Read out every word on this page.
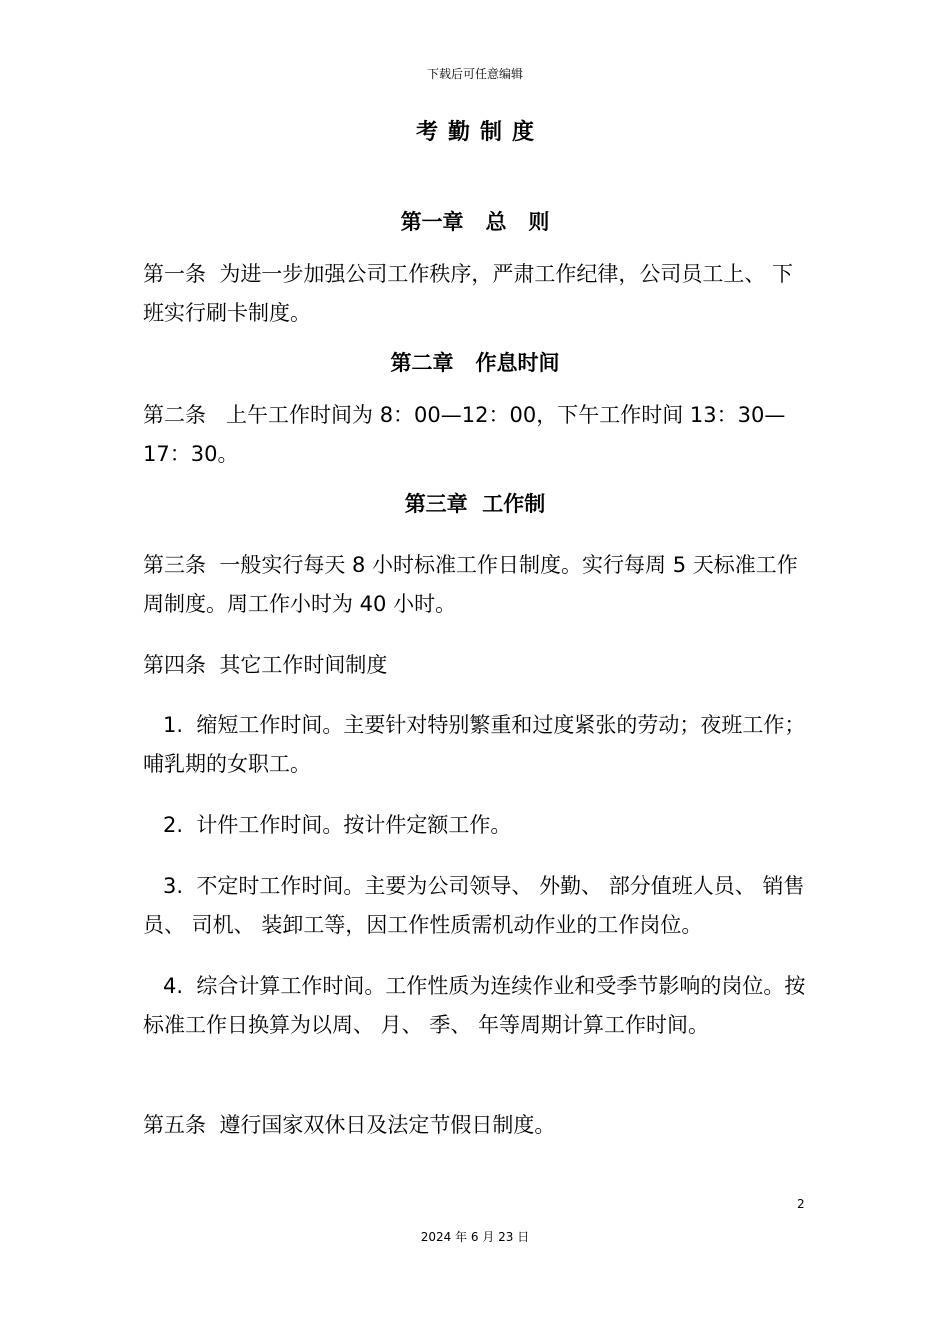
下载后可任意编辑
考勤制度
第一章   总   则
第一条  为进一步加强公司工作秩序，严肃工作纪律，公司员工上、 下班实行刷卡制度。
第二章   作息时间
第二条   上午工作时间为 8：00—12：00，下午工作时间 13：30—17：30。
第三章  工作制
第三条  一般实行每天 8 小时标准工作日制度。实行每周 5 天标准工作周制度。周工作小时为 40 小时。
第四条  其它工作时间制度
1.  缩短工作时间。主要针对特别繁重和过度紧张的劳动；夜班工作；哺乳期的女职工。
2.  计件工作时间。按计件定额工作。
3.  不定时工作时间。主要为公司领导、 外勤、 部分值班人员、 销售员、 司机、 装卸工等，因工作性质需机动作业的工作岗位。
4.  综合计算工作时间。工作性质为连续作业和受季节影响的岗位。按标准工作日换算为以周、 月、 季、 年等周期计算工作时间。
第五条  遵行国家双休日及法定节假日制度。
2
2024 年 6 月 23 日
